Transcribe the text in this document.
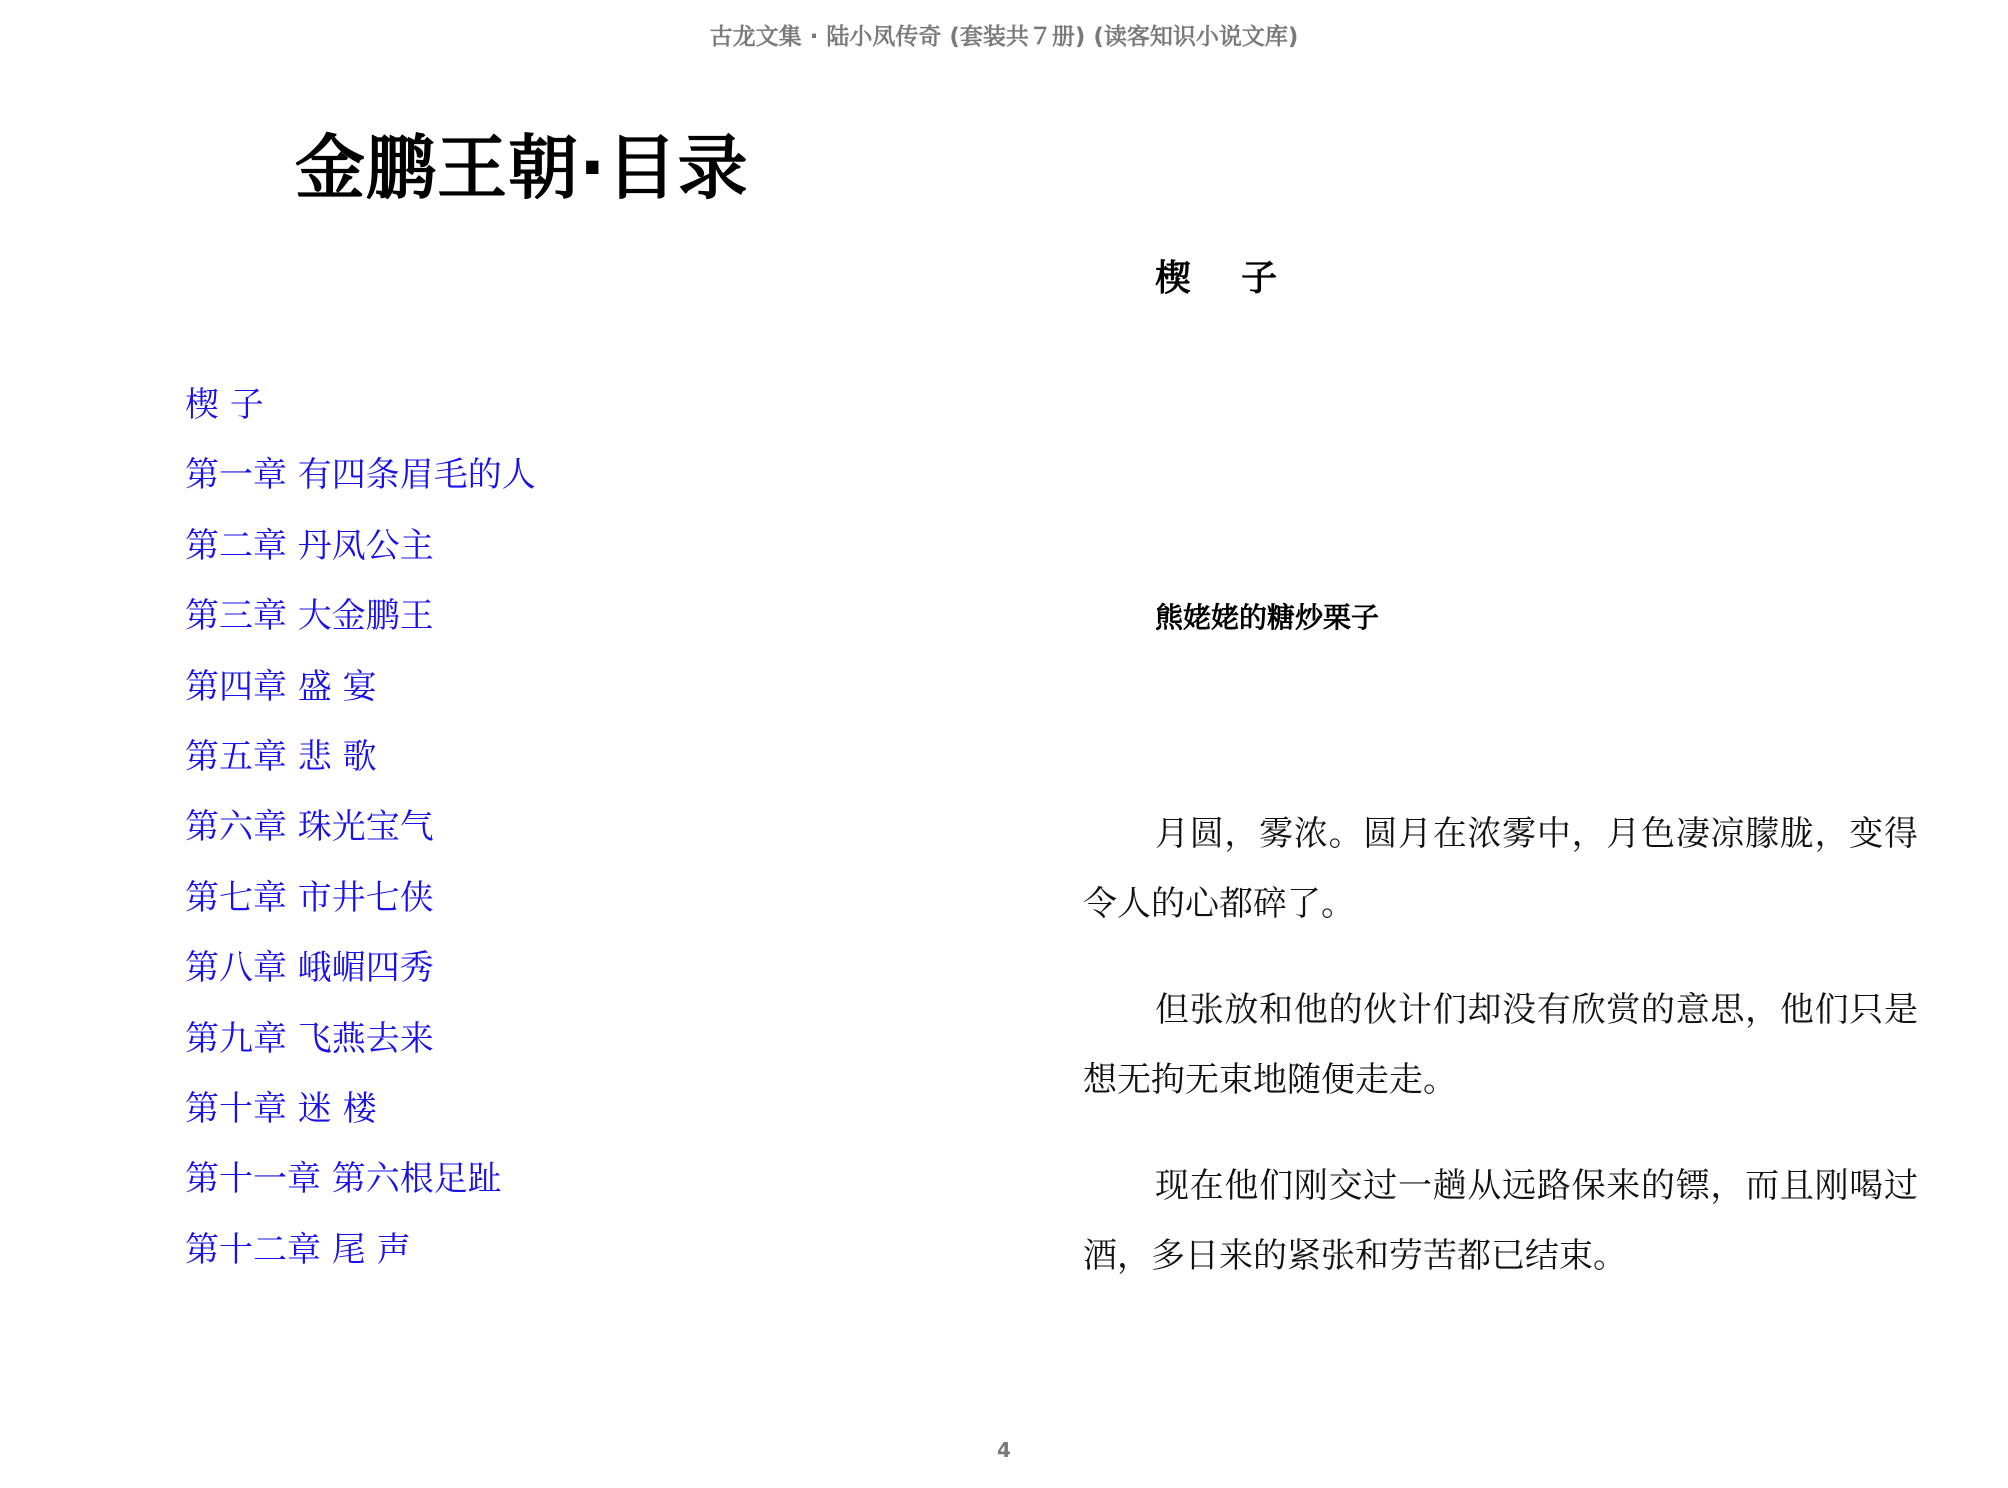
古龙文集 · 陆小凤传奇 (套装共７册) (读客知识小说文库)
金鹏王朝·目录
楔 子
第一章 有四条眉毛的人
第二章 丹凤公主
第三章 大金鹏王
第四章 盛 宴
第五章 悲 歌
第六章 珠光宝气
第七章 市井七侠
第八章 峨嵋四秀
第九章 飞燕去来
第十章 迷 楼
第十一章 第六根足趾
第十二章 尾 声
楔    子
熊姥姥的糖炒栗子

月圆，雾浓。圆月在浓雾中，月色凄凉朦胧，变得令人的心都碎了。

但张放和他的伙计们却没有欣赏的意思，他们只是想无拘无束地随便走走。

现在他们刚交过一趟从远路保来的镖，而且刚喝过酒，多日来的紧张和劳苦都已结束。

4
